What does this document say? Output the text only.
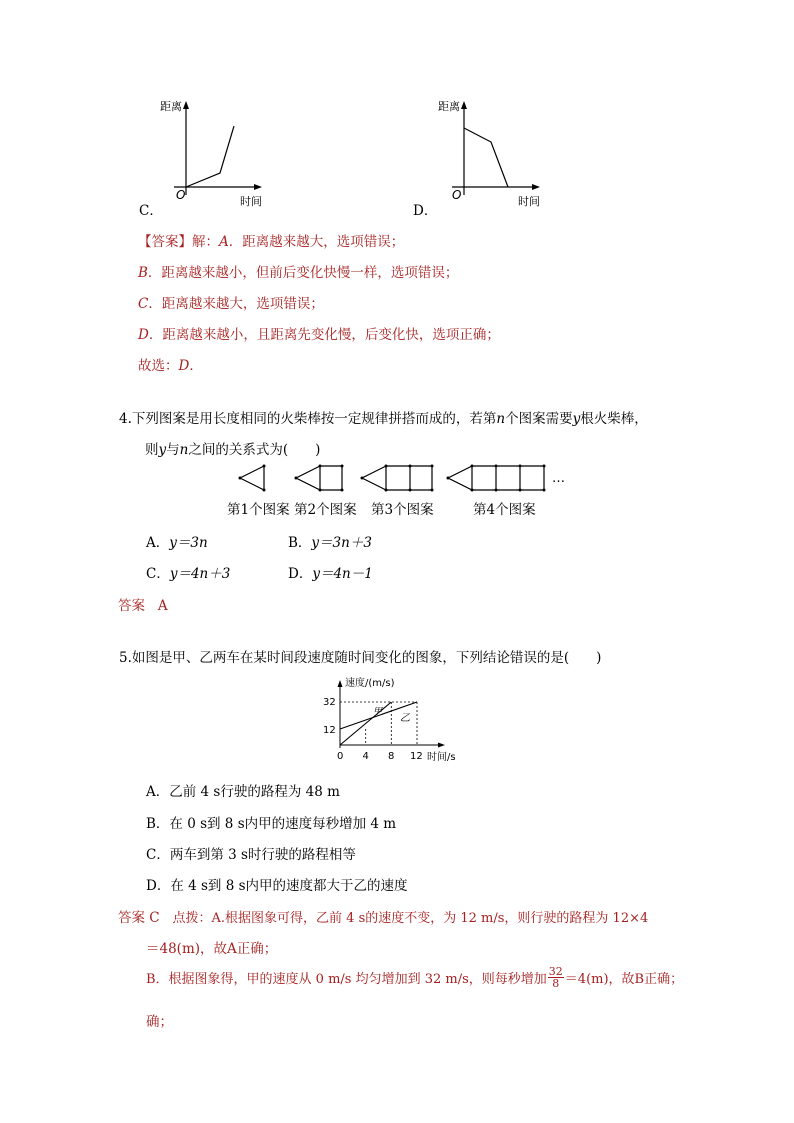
距离
O	时间
C．
距离
O	时间
D．
【答案】解：A．距离越来越大，选项错误；
B．距离越来越小，但前后变化快慢一样，选项错误；
C．距离越来越大，选项错误；
D．距离越来越小，且距离先变化慢，后变化快，选项正确；
故选：D．
4.下列图案是用长度相同的火柴棒按一定规律拼搭而成的，若第n个图案需要y根火柴棒，
则y与n之间的关系式为(　　)
…
第1个图案 第2个图案 第3个图案	第4个图案
A．y＝3n	B．y＝3n＋3
C．y＝4n＋3	D．y＝4n－1
答案 A
5.如图是甲、乙两车在某时间段速度随时间变化的图象，下列结论错误的是(　　)
速度/(m/s)
32
12
0 4 8 12 时间/s
甲
乙
A．乙前 4 s行驶的路程为 48 m
B．在 0 s到 8 s内甲的速度每秒增加 4 m
C．两车到第 3 s时行驶的路程相等
D．在 4 s到 8 s内甲的速度都大于乙的速度
答案 C 点拨：A.根据图象可得，乙前 4 s的速度不变，为 12 m/s，则行驶的路程为 12×4
＝48(m)，故A正确；
B．根据图象得，甲的速度从 0 m/s 均匀增加到 32 m/s，则每秒增加 $\frac{32}{8} =4(m)$，故B正确；
确；
